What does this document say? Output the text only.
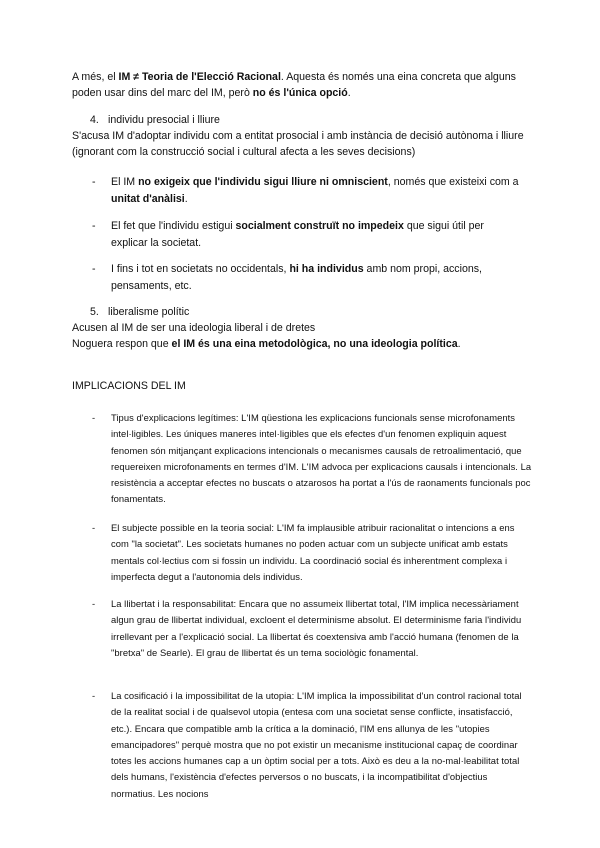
A més, el IM ≠ Teoria de l'Elecció Racional. Aquesta és només una eina concreta que alguns poden usar dins del marc del IM, però no és l'única opció.
4. individu presocial i lliure
S'acusa IM d'adoptar individu com a entitat prosocial i amb instància de decisió autònoma i lliure (ignorant com la construcció social i cultural afecta a les seves decisions)
- El IM no exigeix que l'individu sigui lliure ni omniscient, només que existeixi com a unitat d'anàlisi.
- El fet que l'individu estigui socialment construït no impedeix que sigui útil per explicar la societat.
- I fins i tot en societats no occidentals, hi ha individus amb nom propi, accions, pensaments, etc.
5. liberalisme polític
Acusen al IM de ser una ideologia liberal i de dretes
Noguera respon que el IM és una eina metodològica, no una ideologia política.
IMPLICACIONS DEL IM
- Tipus d'explicacions legítimes: L'IM qüestiona les explicacions funcionals sense microfonaments intel·ligibles. Les úniques maneres intel·ligibles que els efectes d'un fenomen expliquin aquest fenomen són mitjançant explicacions intencionals o mecanismes causals de retroalimentació, que requereixen microfonaments en termes d'IM. L'IM advoca per explicacions causals i intencionals. La resistència a acceptar efectes no buscats o atzarosos ha portat a l'ús de raonaments funcionals poc fonamentats.
- El subjecte possible en la teoria social: L'IM fa implausible atribuir racionalitat o intencions a ens com "la societat". Les societats humanes no poden actuar com un subjecte unificat amb estats mentals col·lectius com si fossin un individu. La coordinació social és inherentment complexa i imperfecta degut a l'autonomia dels individus.
- La llibertat i la responsabilitat: Encara que no assumeix llibertat total, l'IM implica necessàriament algun grau de llibertat individual, excloent el determinisme absolut. El determinisme faria l'individu irrellevant per a l'explicació social. La llibertat és coextensiva amb l'acció humana (fenomen de la "bretxa" de Searle). El grau de llibertat és un tema sociològic fonamental.
- La cosificació i la impossibilitat de la utopia: L'IM implica la impossibilitat d'un control racional total de la realitat social i de qualsevol utopia (entesa com una societat sense conflicte, insatisfacció, etc.). Encara que compatible amb la crítica a la dominació, l'IM ens allunya de les "utopies emancipadores" perquè mostra que no pot existir un mecanisme institucional capaç de coordinar totes les accions humanes cap a un òptim social per a tots. Això es deu a la no-mal·leabilitat total dels humans, l'existència d'efectes perversos o no buscats, i la incompatibilitat d'objectius normatius. Les nocions
